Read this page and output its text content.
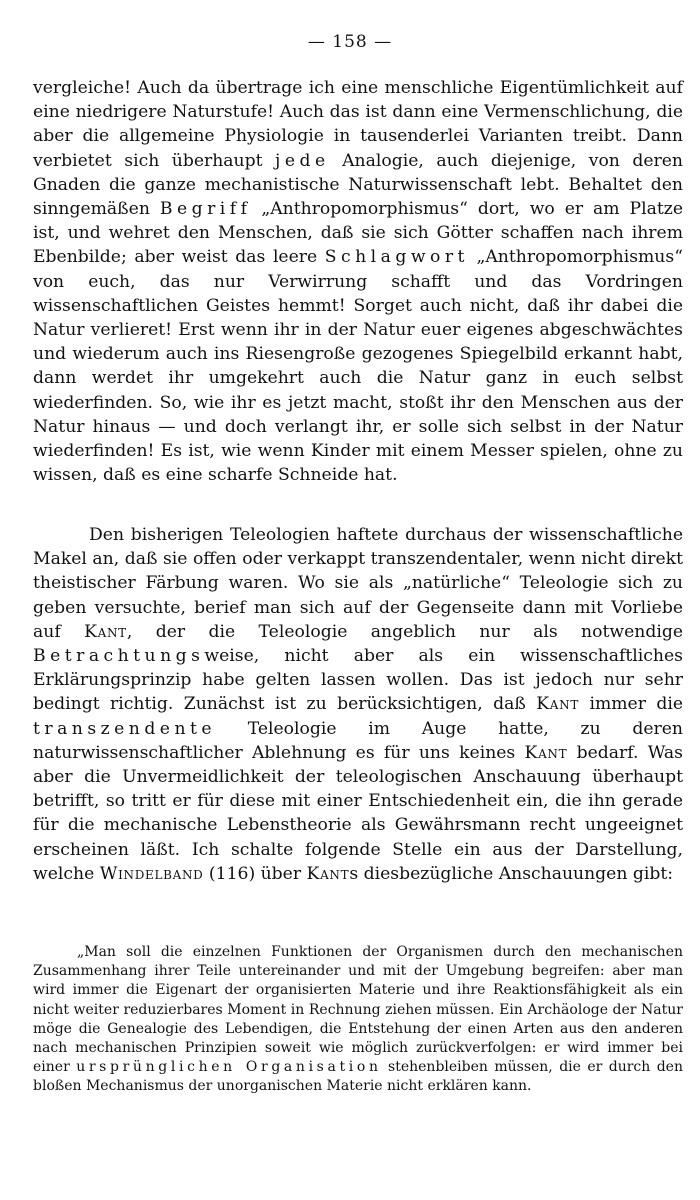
— 158 —
vergleiche! Auch da übertrage ich eine menschliche Eigentümlichkeit auf eine niedrigere Naturstufe! Auch das ist dann eine Vermenschlichung, die aber die allgemeine Physiologie in tausenderlei Varianten treibt. Dann verbietet sich überhaupt jede Analogie, auch diejenige, von deren Gnaden die ganze mechanistische Naturwissenschaft lebt. Behaltet den sinngemäßen Begriff „Anthropomorphismus“ dort, wo er am Platze ist, und wehret den Menschen, daß sie sich Götter schaffen nach ihrem Ebenbilde; aber weist das leere Schlagwort „Anthropomorphismus“ von euch, das nur Verwirrung schafft und das Vordringen wissenschaftlichen Geistes hemmt! Sorget auch nicht, daß ihr dabei die Natur verlieret! Erst wenn ihr in der Natur euer eigenes abgeschwächtes und wiederum auch ins Riesengroße gezogenes Spiegelbild erkannt habt, dann werdet ihr umgekehrt auch die Natur ganz in euch selbst wiederfinden. So, wie ihr es jetzt macht, stoßt ihr den Menschen aus der Natur hinaus — und doch verlangt ihr, er solle sich selbst in der Natur wiederfinden! Es ist, wie wenn Kinder mit einem Messer spielen, ohne zu wissen, daß es eine scharfe Schneide hat.
Den bisherigen Teleologien haftete durchaus der wissenschaftliche Makel an, daß sie offen oder verkappt transzendentaler, wenn nicht direkt theistischer Färbung waren. Wo sie als „natürliche“ Teleologie sich zu geben versuchte, berief man sich auf der Gegenseite dann mit Vorliebe auf Kant, der die Teleologie angeblich nur als notwendige Betrachtungsweise, nicht aber als ein wissenschaftliches Erklärungsprinzip habe gelten lassen wollen. Das ist jedoch nur sehr bedingt richtig. Zunächst ist zu berücksichtigen, daß Kant immer die transzendente Teleologie im Auge hatte, zu deren naturwissenschaftlicher Ablehnung es für uns keines Kant bedarf. Was aber die Unvermeidlichkeit der teleologischen Anschauung überhaupt betrifft, so tritt er für diese mit einer Entschiedenheit ein, die ihn gerade für die mechanische Lebenstheorie als Gewährsmann recht ungeeignet erscheinen läßt. Ich schalte folgende Stelle ein aus der Darstellung, welche Windelband (116) über Kants diesbezügliche Anschauungen gibt:
„Man soll die einzelnen Funktionen der Organismen durch den mechanischen Zusammenhang ihrer Teile untereinander und mit der Umgebung begreifen: aber man wird immer die Eigenart der organisierten Materie und ihre Reaktionsfähigkeit als ein nicht weiter reduzierbares Moment in Rechnung ziehen müssen. Ein Archäologe der Natur möge die Genealogie des Lebendigen, die Entstehung der einen Arten aus den anderen nach mechanischen Prinzipien soweit wie möglich zurückverfolgen: er wird immer bei einer ursprünglichen Organisation stehenbleiben müssen, die er durch den bloßen Mechanismus der unorganischen Materie nicht erklären kann.
